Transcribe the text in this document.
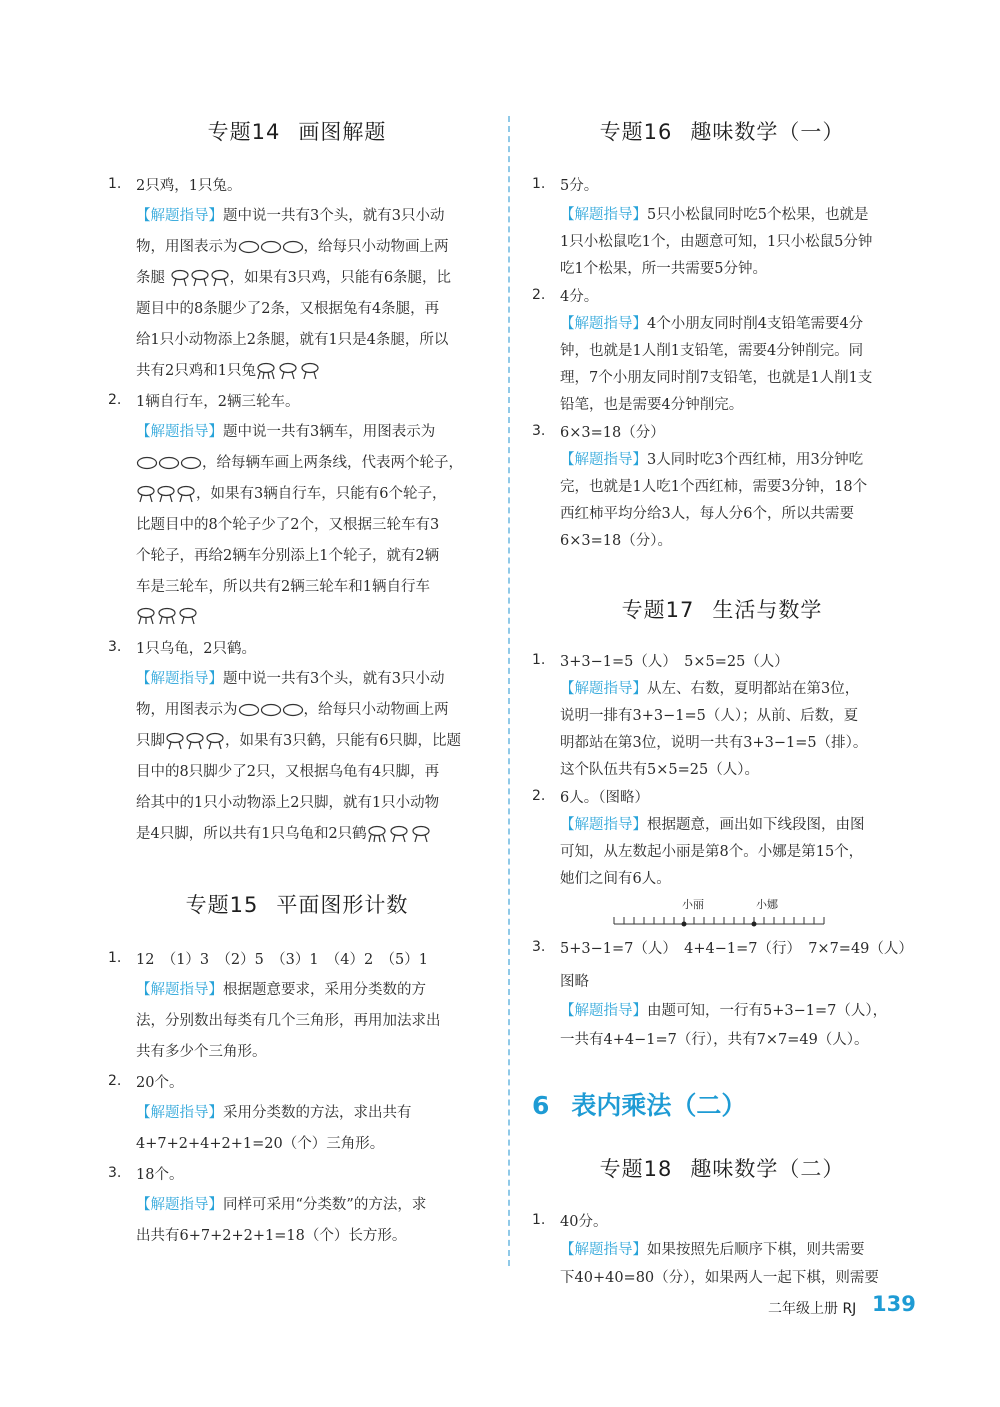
专题14 画图解题
1.	2只鸡，1只兔。
【解题指导】题中说一共有3个头，就有3只小动
物，用图表示为	，给每只小动物画上两
条腿	，如果有3只鸡，只能有6条腿，比
题目中的8条腿少了2条，又根据兔有4条腿，再
给1只小动物添上2条腿，就有1只是4条腿，所以
共有2只鸡和1只兔
2.	1辆自行车，2辆三轮车。
【解题指导】题中说一共有3辆车，用图表示为
，给每辆车画上两条线，代表两个轮子，
，如果有3辆自行车，只能有6个轮子，
比题目中的8个轮子少了2个，又根据三轮车有3
个轮子，再给2辆车分别添上1个轮子，就有2辆
车是三轮车，所以共有2辆三轮车和1辆自行车
3.	1只乌龟，2只鹤。
【解题指导】题中说一共有3个头，就有3只小动
物，用图表示为	，给每只小动物画上两
只脚	，如果有3只鹤，只能有6只脚，比题
目中的8只脚少了2只，又根据乌龟有4只脚，再
给其中的1只小动物添上2只脚，就有1只小动物
是4只脚，所以共有1只乌龟和2只鹤
专题15 平面图形计数
1.	12　（1）3　（2）5　（3）1　（4）2　（5）1
【解题指导】根据题意要求，采用分类数的方
法，分别数出每类有几个三角形，再用加法求出
共有多少个三角形。
2.	20个。
【解题指导】采用分类数的方法，求出共有
4+7+2+4+2+1=20（个）三角形。
3.	18个。
【解题指导】同样可采用“分类数”的方法，求
出共有6+7+2+2+1=18（个）长方形。
专题16 趣味数学（一）
1.	5分。
【解题指导】5只小松鼠同时吃5个松果，也就是
1只小松鼠吃1个，由题意可知，1只小松鼠5分钟
吃1个松果，所一共需要5分钟。
2.	4分。
【解题指导】4个小朋友同时削4支铅笔需要4分
钟，也就是1人削1支铅笔，需要4分钟削完。同
理，7个小朋友同时削7支铅笔，也就是1人削1支
铅笔，也是需要4分钟削完。
3.	6×3=18（分）
【解题指导】3人同时吃3个西红柿，用3分钟吃
完，也就是1人吃1个西红柿，需要3分钟，18个
西红柿平均分给3人，每人分6个，所以共需要
6×3=18（分）。
专题17 生活与数学
1.	3+3−1=5（人）　5×5=25（人）
【解题指导】从左、右数，夏明都站在第3位，
说明一排有3+3−1=5（人）；从前、后数，夏
明都站在第3位，说明一共有3+3−1=5（排）。
这个队伍共有5×5=25（人）。
2.	6人。（图略）
【解题指导】根据题意，画出如下线段图，由图
可知，从左数起小丽是第8个。小娜是第15个，
她们之间有6人。
小丽	小娜
3.	5+3−1=7（人）　4+4−1=7（行）　7×7=49（人）
图略
【解题指导】由题可知，一行有5+3−1=7（人），
一共有4+4−1=7（行），共有7×7=49（人）。
6 表内乘法（二）
专题18 趣味数学（二）
1.	40分。
【解题指导】如果按照先后顺序下棋，则共需要
下40+40=80（分），如果两人一起下棋，则需要
二年级上册 RJ 139
